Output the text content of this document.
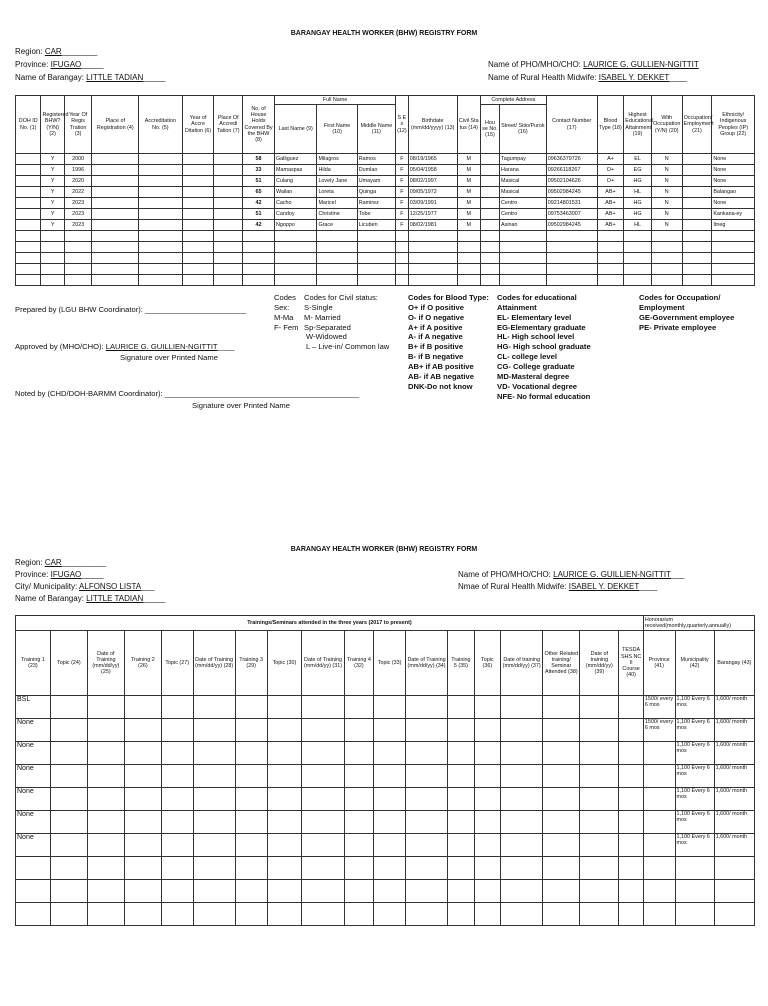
BARANGAY HEALTH WORKER (BHW) REGISTRY FORM
Region: CAR________
Province: IFUGAO_____
Name of Barangay: LITTLE TADIAN_____
Name of PHO/MHO/CHO: LAURICE G. GULLIEN-NGITTIT
Name of Rural Health Midwife: ISABEL Y. DEKKET____
DOH ID No. (1)	Registered BHW? (Y/N) (2)	Year Of Regis Tration (3)	Place of Registration (4)	Accreditation No. (5)	Year of Accre Ditation (6)	Place Of Accredi Tation (7)	No. of House Holds Covered By the BHW (8)	Full Name			S E x (12)	Birthdate (mm/dd/yyyy) (13)	Civil Sta tus (14)	Complete Address		Contact Number (17)	Blood Type (18)	Highest Educational Attainment (19)	With Occupation (Y/N) (20)	Occupation/ Employment (21)	Ethnicity/ Indigenous Peoples (IP) Group (22)
								Last Name (9)	First Name (10)	Middle Name (11)				Hou se No. (15)	Street/ Sitio/Purok (16)						
	Y	2000					58	Galliguez	Milagros	Ramos	F	08/19/1965	M		Tagumpay	09636379726	A+	EL	N		None
	Y	1996					33	Mamaspas	Hilda	Dumlao	F	05/04/1958	M		Harana	09266118267	O+	EG	N		None
	Y	2020					51	Culang	Lovely Jane	Umayam	F	08/02/1997	M		Masical	09502104626	O+	HG	N		None
	Y	2022					65	Wailan	Loreta	Quinga	F	09/05/1972	M		Masical	09502984245	AB+	HL	N		Balangao
	Y	2023					42	Cacho	Maricel	Ramirez	F	03/09/1991	M		Centro	09214801531	AB+	HG	N		None
	Y	2023					51	Candoy	Christine	Tobe	F	12/25/1977	M		Centro	09753463007	AB+	HG	N		Kankana-ey
	Y	2023					42	Ngoppo	Grace	Licuben	F	08/02/1981	M		Asinan	09502984245	AB+	HL	N		Itneg

Prepared by (LGU BHW Coordinator): ________________________
Approved by (MHO/CHO): LAURICE G. GUILLIEN-NGITTIT____
Signature over Printed Name
Noted by (CHD/DOH-BARMM Coordinator): ______________________________________________
Signature over Printed Name
Codes
Sex:
M-Ma
F- Fem
Codes for Civil status:
S-Single
M- Married
Sp-Separated
W-Widowed
L – Live-in/ Common law
Codes for Blood Type:
O+ if O positive
O- if O negative
A+ if A positive
A- if A negative
B+ if B positive
B- if B negative
AB+ if AB positive
AB- if AB negative
DNK-Do not know
Codes for educational
Attainment
EL- Elementary level
EG-Elementary graduate
HL- High school level
HG- High school graduate
CL- college level
CG- College graduate
MD-Masteral degree
VD- Vocational degree
NFE- No formal education
Codes for Occupation/
Employment
GE-Government employee
PE- Private employee
BARANGAY HEALTH WORKER (BHW) REGISTRY FORM
Region: CAR__________
Province: IFUGAO_____
City/ Municipality: ALFONSO LISTA___
Name of Barangay: LITTLE TADIAN_____
Name of PHO/MHO/CHO: LAURICE G. GUILLIEN-NGITTIT___
Nmae of Rural Health Midwife: ISABEL Y. DEKKET____
Trainings/Seminars attended in the three years (2017 to present)																		Honorarium received(monthly,quarterly,annually)		
Training 1 (23)	Topic (24)	Date of Training (mm/dd/yy) (25)	Training 2 (26)	Topic (27)	Date of Training (mm/dd/yy) (28)	Training 3 (29)	Topic (30)	Date of Training (mm/dd/yy) (31)	Training 4 (32)	Topic (33)	Date of Training (mm/dd/yy) (34)	Training 5 (35)	Topic (36)	Date of training (mm/dd/yy) (37)	Other Related training/ Seminar Attended (38)	Date of training (mm/dd/yy) (39)	TESDA SHS NC II Course (40)	Province (41)	Municipality (42)	Barangay (43)
BSL																		1500/ every 6 mos	1,100 Every 6 mos	1,600/ month
None																		1500/ every 6 mos	1,100 Every 6 mos	1,600/ month
None																			1,100 Every 6 mos	1,600/ month
None																			1,100 Every 6 mos	1,600/ month
None																			1,100 Every 6 mos	1,600/ month
None																			1,100 Every 6 mos	1,600/ month
None																			1,100 Every 6 mos	1,600/ month
